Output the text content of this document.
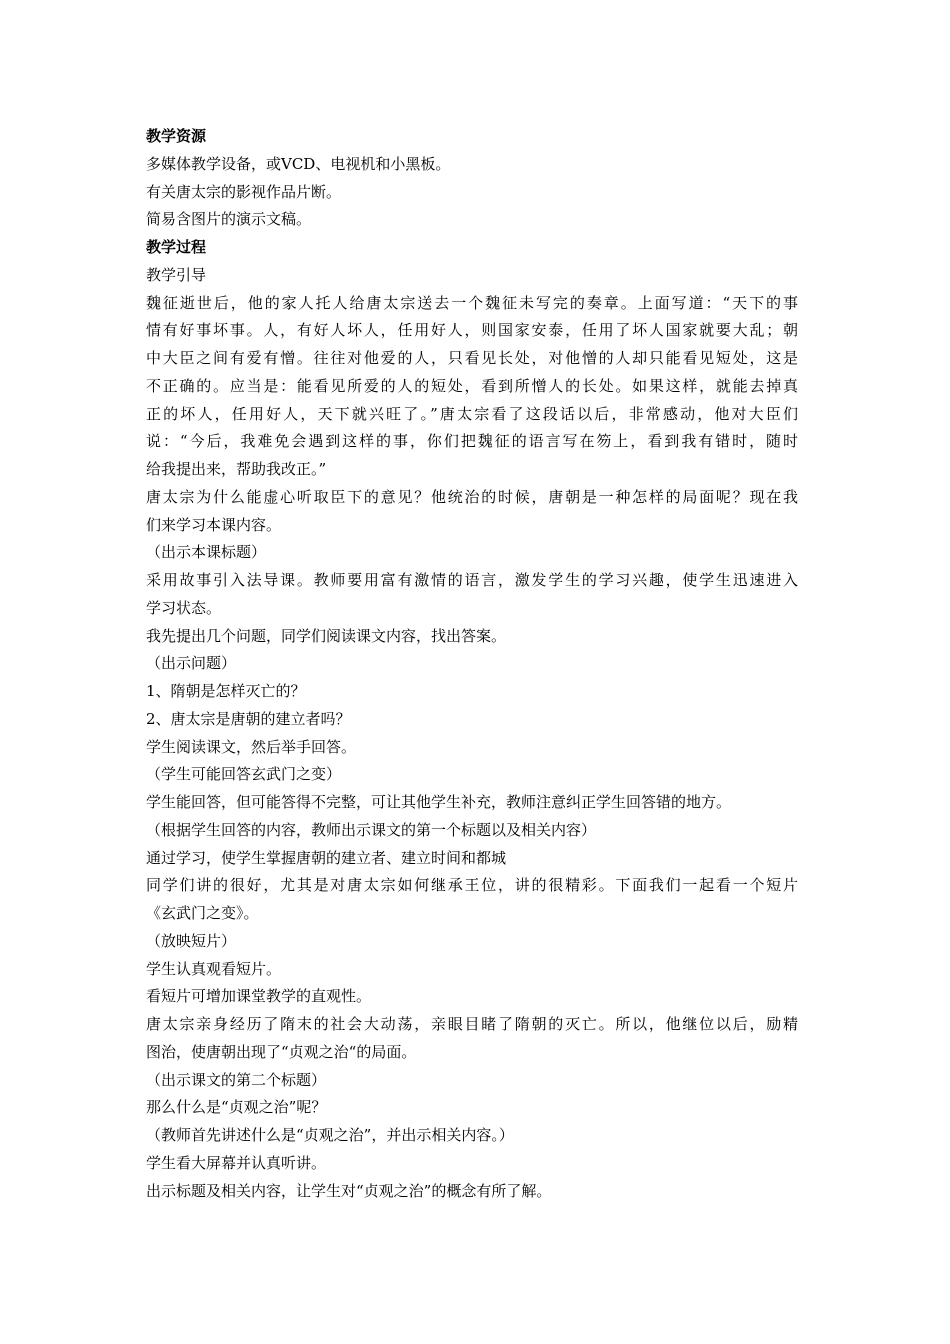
教学资源
多媒体教学设备，或VCD、电视机和小黑板。
有关唐太宗的影视作品片断。
简易含图片的演示文稿。
教学过程
教学引导
魏征逝世后，他的家人托人给唐太宗送去一个魏征未写完的奏章。上面写道：“天下的事
情有好事坏事。人，有好人坏人，任用好人，则国家安泰，任用了坏人国家就要大乱；朝
中大臣之间有爱有憎。往往对他爱的人，只看见长处，对他憎的人却只能看见短处，这是
不正确的。应当是：能看见所爱的人的短处，看到所憎人的长处。如果这样，就能去掉真
正的坏人，任用好人，天下就兴旺了。”唐太宗看了这段话以后，非常感动，他对大臣们
说：“今后，我难免会遇到这样的事，你们把魏征的语言写在笏上，看到我有错时，随时
给我提出来，帮助我改正。”
唐太宗为什么能虚心听取臣下的意见？他统治的时候，唐朝是一种怎样的局面呢？现在我
们来学习本课内容。
（出示本课标题）
采用故事引入法导课。教师要用富有激情的语言，激发学生的学习兴趣，使学生迅速进入
学习状态。
我先提出几个问题，同学们阅读课文内容，找出答案。
（出示问题）
1、隋朝是怎样灭亡的？
2、唐太宗是唐朝的建立者吗？
学生阅读课文，然后举手回答。
（学生可能回答玄武门之变）
学生能回答，但可能答得不完整，可让其他学生补充，教师注意纠正学生回答错的地方。
（根据学生回答的内容，教师出示课文的第一个标题以及相关内容）
通过学习，使学生掌握唐朝的建立者、建立时间和都城
同学们讲的很好，尤其是对唐太宗如何继承王位，讲的很精彩。下面我们一起看一个短片
《玄武门之变》。
（放映短片）
学生认真观看短片。
看短片可增加课堂教学的直观性。
唐太宗亲身经历了隋末的社会大动荡，亲眼目睹了隋朝的灭亡。所以，他继位以后，励精
图治，使唐朝出现了“贞观之治“的局面。
（出示课文的第二个标题）
那么什么是“贞观之治”呢？
（教师首先讲述什么是“贞观之治”，并出示相关内容。）
学生看大屏幕并认真听讲。
出示标题及相关内容，让学生对“贞观之治”的概念有所了解。
